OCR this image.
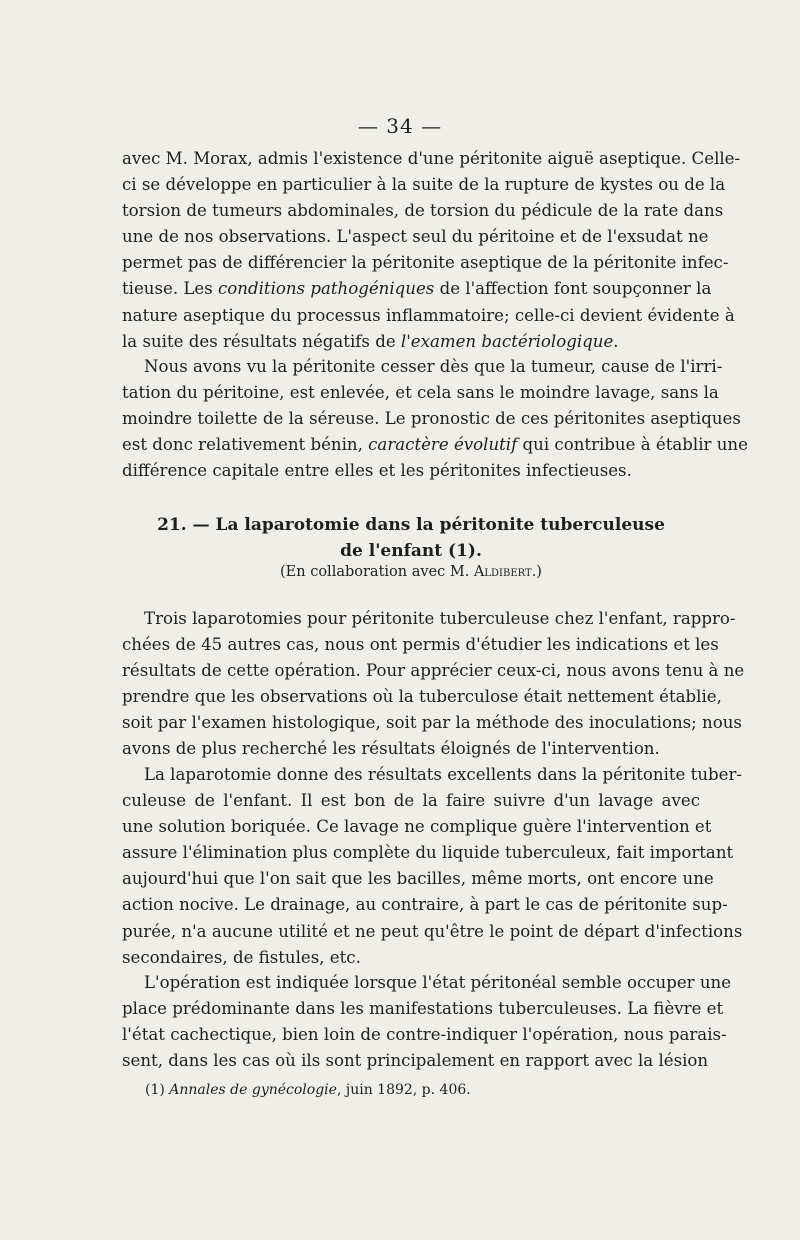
— 34 —
avec M. Morax, admis l'existence d'une péritonite aiguë aseptique. Celle-
ci se développe en particulier à la suite de la rupture de kystes ou de la
torsion de tumeurs abdominales, de torsion du pédicule de la rate dans
une de nos observations. L'aspect seul du péritoine et de l'exsudat ne
permet pas de différencier la péritonite aseptique de la péritonite infec-
tieuse. Les conditions pathogéniques de l'affection font soupçonner la
nature aseptique du processus inflammatoire; celle-ci devient évidente à
la suite des résultats négatifs de l'examen bactériologique.
Nous avons vu la péritonite cesser dès que la tumeur, cause de l'irri-
tation du péritoine, est enlevée, et cela sans le moindre lavage, sans la
moindre toilette de la séreuse. Le pronostic de ces péritonites aseptiques
est donc relativement bénin, caractère évolutif qui contribue à établir une
différence capitale entre elles et les péritonites infectieuses.
21. — La laparotomie dans la péritonite tuberculeuse
de l'enfant (1).
(En collaboration avec M. Aldibert.)
Trois laparotomies pour péritonite tuberculeuse chez l'enfant, rappro-
chées de 45 autres cas, nous ont permis d'étudier les indications et les
résultats de cette opération. Pour apprécier ceux-ci, nous avons tenu à ne
prendre que les observations où la tuberculose était nettement établie,
soit par l'examen histologique, soit par la méthode des inoculations; nous
avons de plus recherché les résultats éloignés de l'intervention.
La laparotomie donne des résultats excellents dans la péritonite tuber-
culeuse de l'enfant. Il est bon de la faire suivre d'un lavage avec
une solution boriquée. Ce lavage ne complique guère l'intervention et
assure l'élimination plus complète du liquide tuberculeux, fait important
aujourd'hui que l'on sait que les bacilles, même morts, ont encore une
action nocive. Le drainage, au contraire, à part le cas de péritonite sup-
purée, n'a aucune utilité et ne peut qu'être le point de départ d'infections
secondaires, de fistules, etc.
L'opération est indiquée lorsque l'état péritonéal semble occuper une
place prédominante dans les manifestations tuberculeuses. La fièvre et
l'état cachectique, bien loin de contre-indiquer l'opération, nous parais-
sent, dans les cas où ils sont principalement en rapport avec la lésion
(1) Annales de gynécologie, juin 1892, p. 406.
